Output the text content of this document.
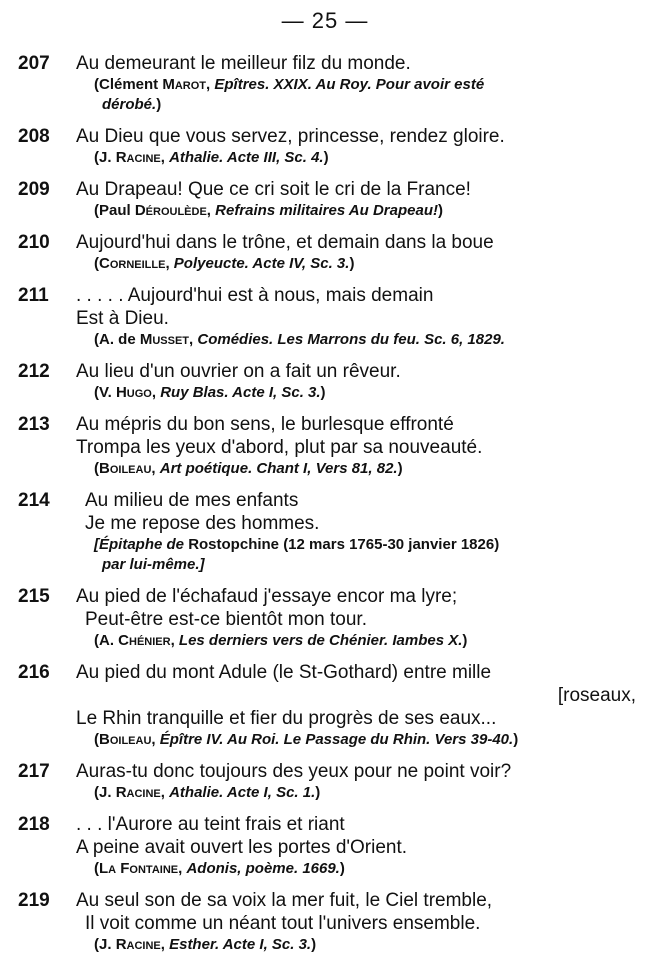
— 25 —
207 Au demeurant le meilleur filz du monde.
(Clément Marot, Epîtres. XXIX. Au Roy. Pour avoir esté
dérobé.)
208 Au Dieu que vous servez, princesse, rendez gloire.
(J. Racine, Athalie. Acte III, Sc. 4.)
209 Au Drapeau! Que ce cri soit le cri de la France!
(Paul Déroulède, Refrains militaires Au Drapeau!)
210 Aujourd'hui dans le trône, et demain dans la boue
(Corneille, Polyeucte. Acte IV, Sc. 3.)
211 . . . . . Aujourd'hui est à nous, mais demain
Est à Dieu.
(A. de Musset, Comédies. Les Marrons du feu. Sc. 6, 1829.
212 Au lieu d'un ouvrier on a fait un rêveur.
(V. Hugo, Ruy Blas. Acte I, Sc. 3.)
213 Au mépris du bon sens, le burlesque effronté
Trompa les yeux d'abord, plut par sa nouveauté.
(Boileau, Art poétique. Chant I, Vers 81, 82.)
214	Au milieu de mes enfants
Je me repose des hommes.
[Épitaphe de Rostopchine (12 mars 1765-30 janvier 1826)
par lui-même.]
215 Au pied de l'échafaud j'essaye encor ma lyre;
Peut-être est-ce bientôt mon tour.
(A. Chénier, Les derniers vers de Chénier. Iambes X.)
216 Au pied du mont Adule (le St-Gothard) entre mille
[roseaux,
Le Rhin tranquille et fier du progrès de ses eaux...
(Boileau, Épître IV. Au Roi. Le Passage du Rhin. Vers 39-40.)
217 Auras-tu donc toujours des yeux pour ne point voir?
(J. Racine, Athalie. Acte I, Sc. 1.)
218 . . . l'Aurore au teint frais et riant
A peine avait ouvert les portes d'Orient.
(La Fontaine, Adonis, poème. 1669.)
219 Au seul son de sa voix la mer fuit, le Ciel tremble,
Il voit comme un néant tout l'univers ensemble.
(J. Racine, Esther. Acte I, Sc. 3.)
